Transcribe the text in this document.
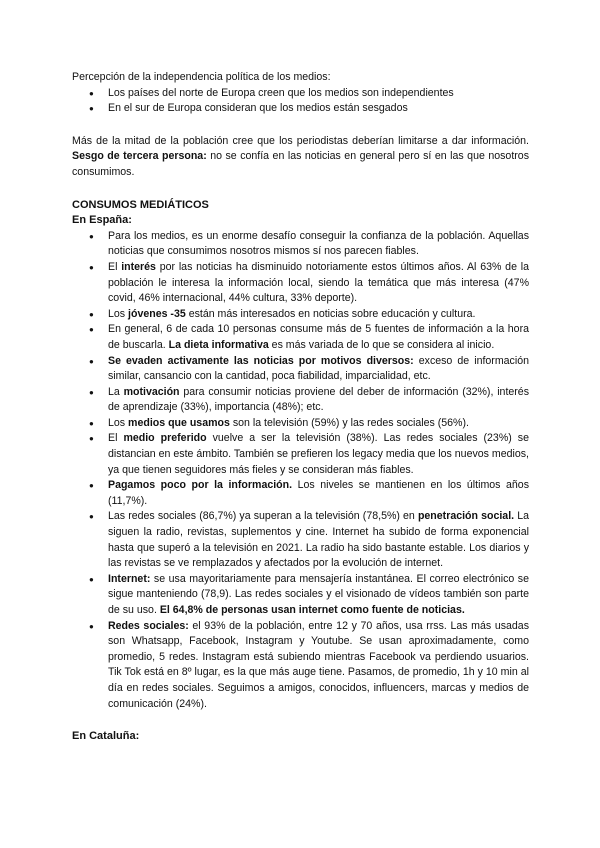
Percepción de la independencia política de los medios:

● Los países del norte de Europa creen que los medios son independientes
● En el sur de Europa consideran que los medios están sesgados

Más de la mitad de la población cree que los periodistas deberían limitarse a dar información. Sesgo de tercera persona: no se confía en las noticias en general pero sí en las que nosotros consumimos.

CONSUMOS MEDIÁTICOS

En España:

● Para los medios, es un enorme desafío conseguir la confianza de la población. Aquellas noticias que consumimos nosotros mismos sí nos parecen fiables.
● El interés por las noticias ha disminuido notoriamente estos últimos años. Al 63% de la población le interesa la información local, siendo la temática que más interesa (47% covid, 46% internacional, 44% cultura, 33% deporte).
● Los jóvenes -35 están más interesados en noticias sobre educación y cultura.
● En general, 6 de cada 10 personas consume más de 5 fuentes de información a la hora de buscarla. La dieta informativa es más variada de lo que se considera al inicio.
● Se evaden activamente las noticias por motivos diversos: exceso de información similar, cansancio con la cantidad, poca fiabilidad, imparcialidad, etc.
● La motivación para consumir noticias proviene del deber de información (32%), interés de aprendizaje (33%), importancia (48%); etc.
● Los medios que usamos son la televisión (59%) y las redes sociales (56%).
● El medio preferido vuelve a ser la televisión (38%). Las redes sociales (23%) se distancian en este ámbito. También se prefieren los legacy media que los nuevos medios, ya que tienen seguidores más fieles y se consideran más fiables.
● Pagamos poco por la información. Los niveles se mantienen en los últimos años (11,7%).
● Las redes sociales (86,7%) ya superan a la televisión (78,5%) en penetración social. La siguen la radio, revistas, suplementos y cine. Internet ha subido de forma exponencial hasta que superó a la televisión en 2021. La radio ha sido bastante estable. Los diarios y las revistas se ve remplazados y afectados por la evolución de internet.
● Internet: se usa mayoritariamente para mensajería instantánea. El correo electrónico se sigue manteniendo (78,9). Las redes sociales y el visionado de vídeos también son parte de su uso. El 64,8% de personas usan internet como fuente de noticias.
● Redes sociales: el 93% de la población, entre 12 y 70 años, usa rrss. Las más usadas son Whatsapp, Facebook, Instagram y Youtube. Se usan aproximadamente, como promedio, 5 redes. Instagram está subiendo mientras Facebook va perdiendo usuarios. Tik Tok está en 8º lugar, es la que más auge tiene. Pasamos, de promedio, 1h y 10 min al día en redes sociales. Seguimos a amigos, conocidos, influencers, marcas y medios de comunicación (24%).

En Cataluña:
